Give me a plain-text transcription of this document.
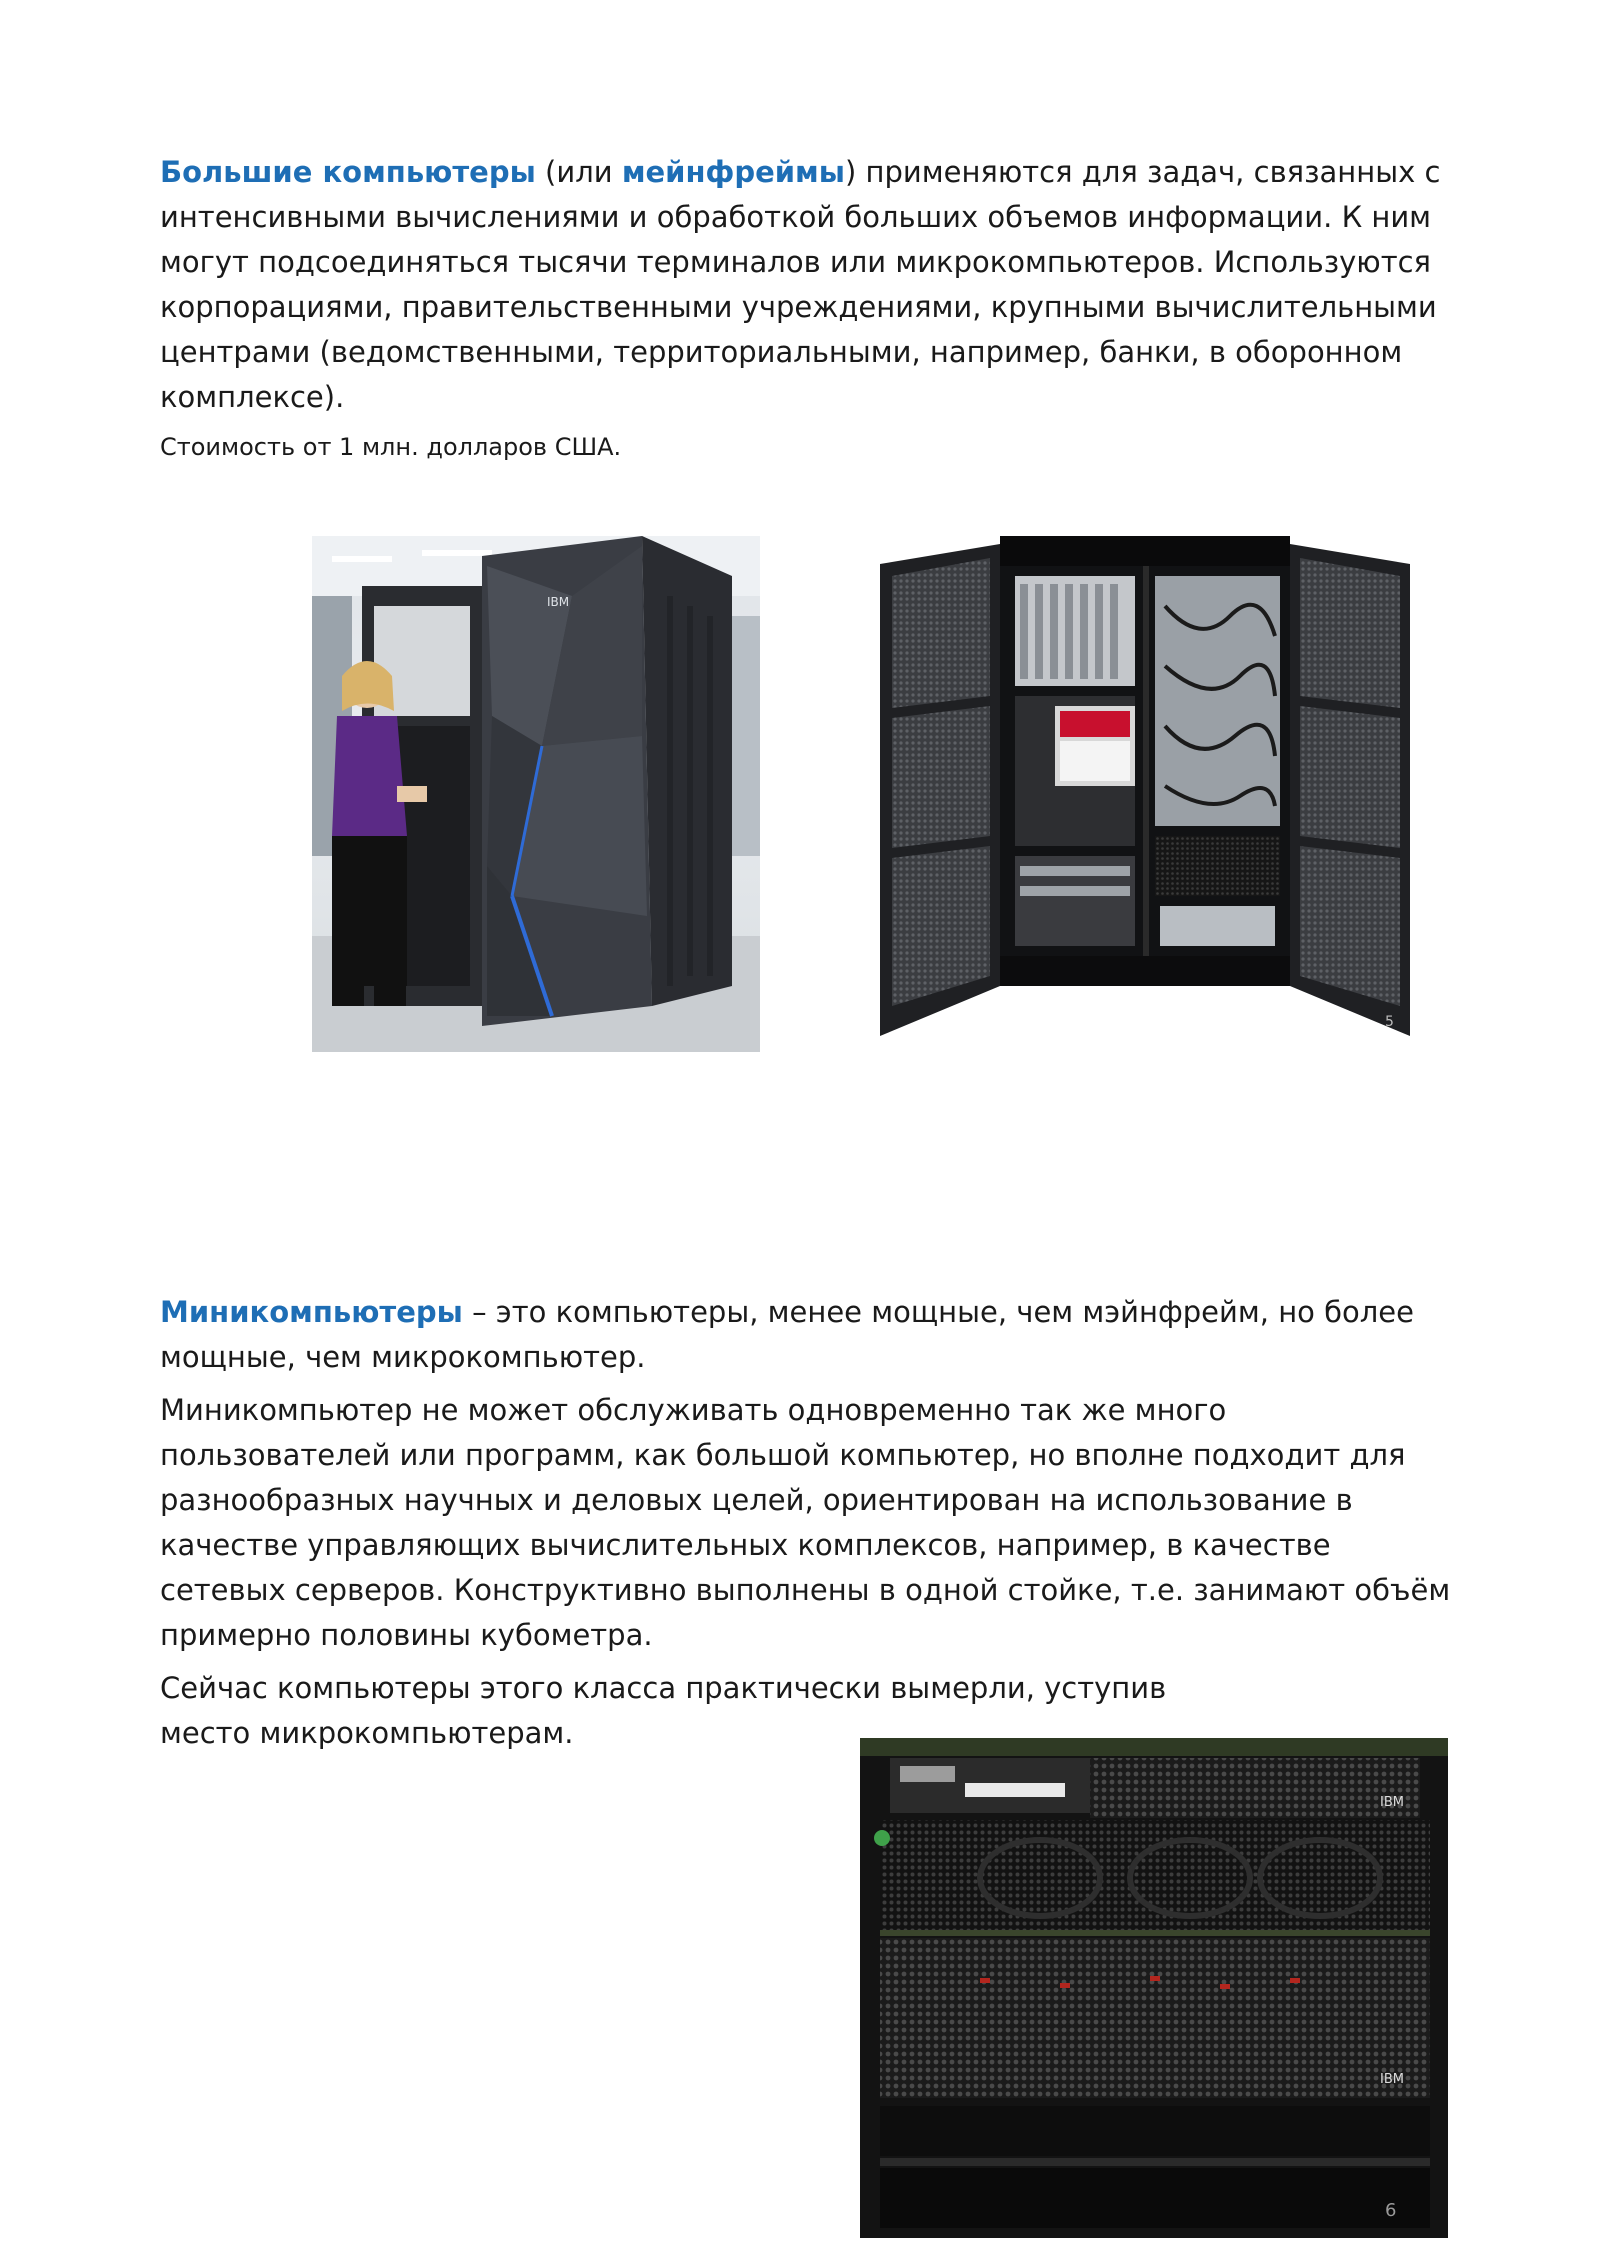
Большие компьютеры (или мейнфреймы) применяются для задач, связанных с интенсивными вычислениями и обработкой больших объемов информации. К ним могут подсоединяться тысячи терминалов или микрокомпьютеров. Используются корпорациями, правительственными учреждениями, крупными вычислительными центрами (ведомственными, территориальными, например, банки, в оборонном комплексе).

Стоимость от 1 млн. долларов США.

IBM
5

Миникомпьютеры – это компьютеры, менее мощные, чем мэйнфрейм, но более мощные, чем микрокомпьютер.

Миникомпьютер не может обслуживать одновременно так же много пользователей или программ, как большой компьютер, но вполне подходит для разнообразных научных и деловых целей, ориентирован на использование в качестве управляющих вычислительных комплексов, например, в качестве сетевых серверов. Конструктивно выполнены в одной стойке, т.е. занимают объём примерно половины кубометра.

Сейчас компьютеры этого класса практически вымерли, уступив место микрокомпьютерам.

IBM
IBM
6
